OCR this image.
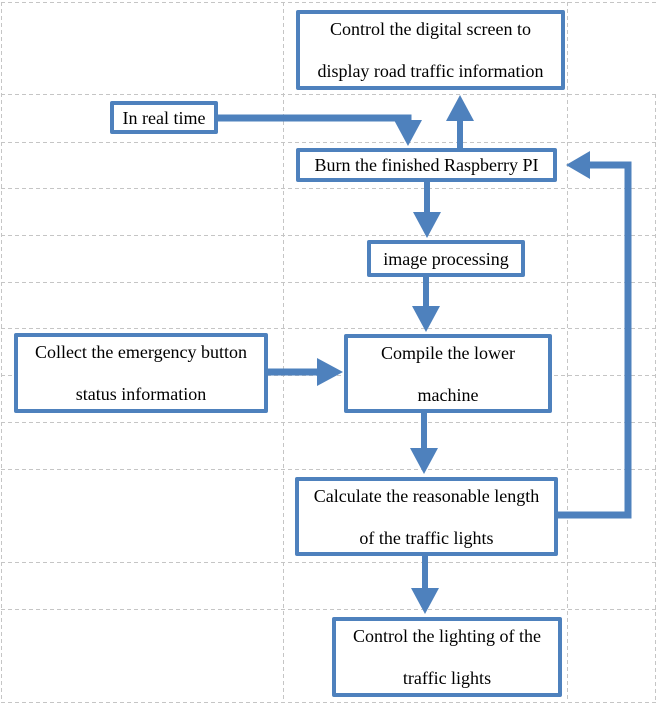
Control the digital screen to
display road traffic information
In real time
Burn the finished Raspberry PI
image processing
Collect the emergency button
status information
Compile the lower
machine
Calculate the reasonable length
of the traffic lights
Control the lighting of the
traffic lights
